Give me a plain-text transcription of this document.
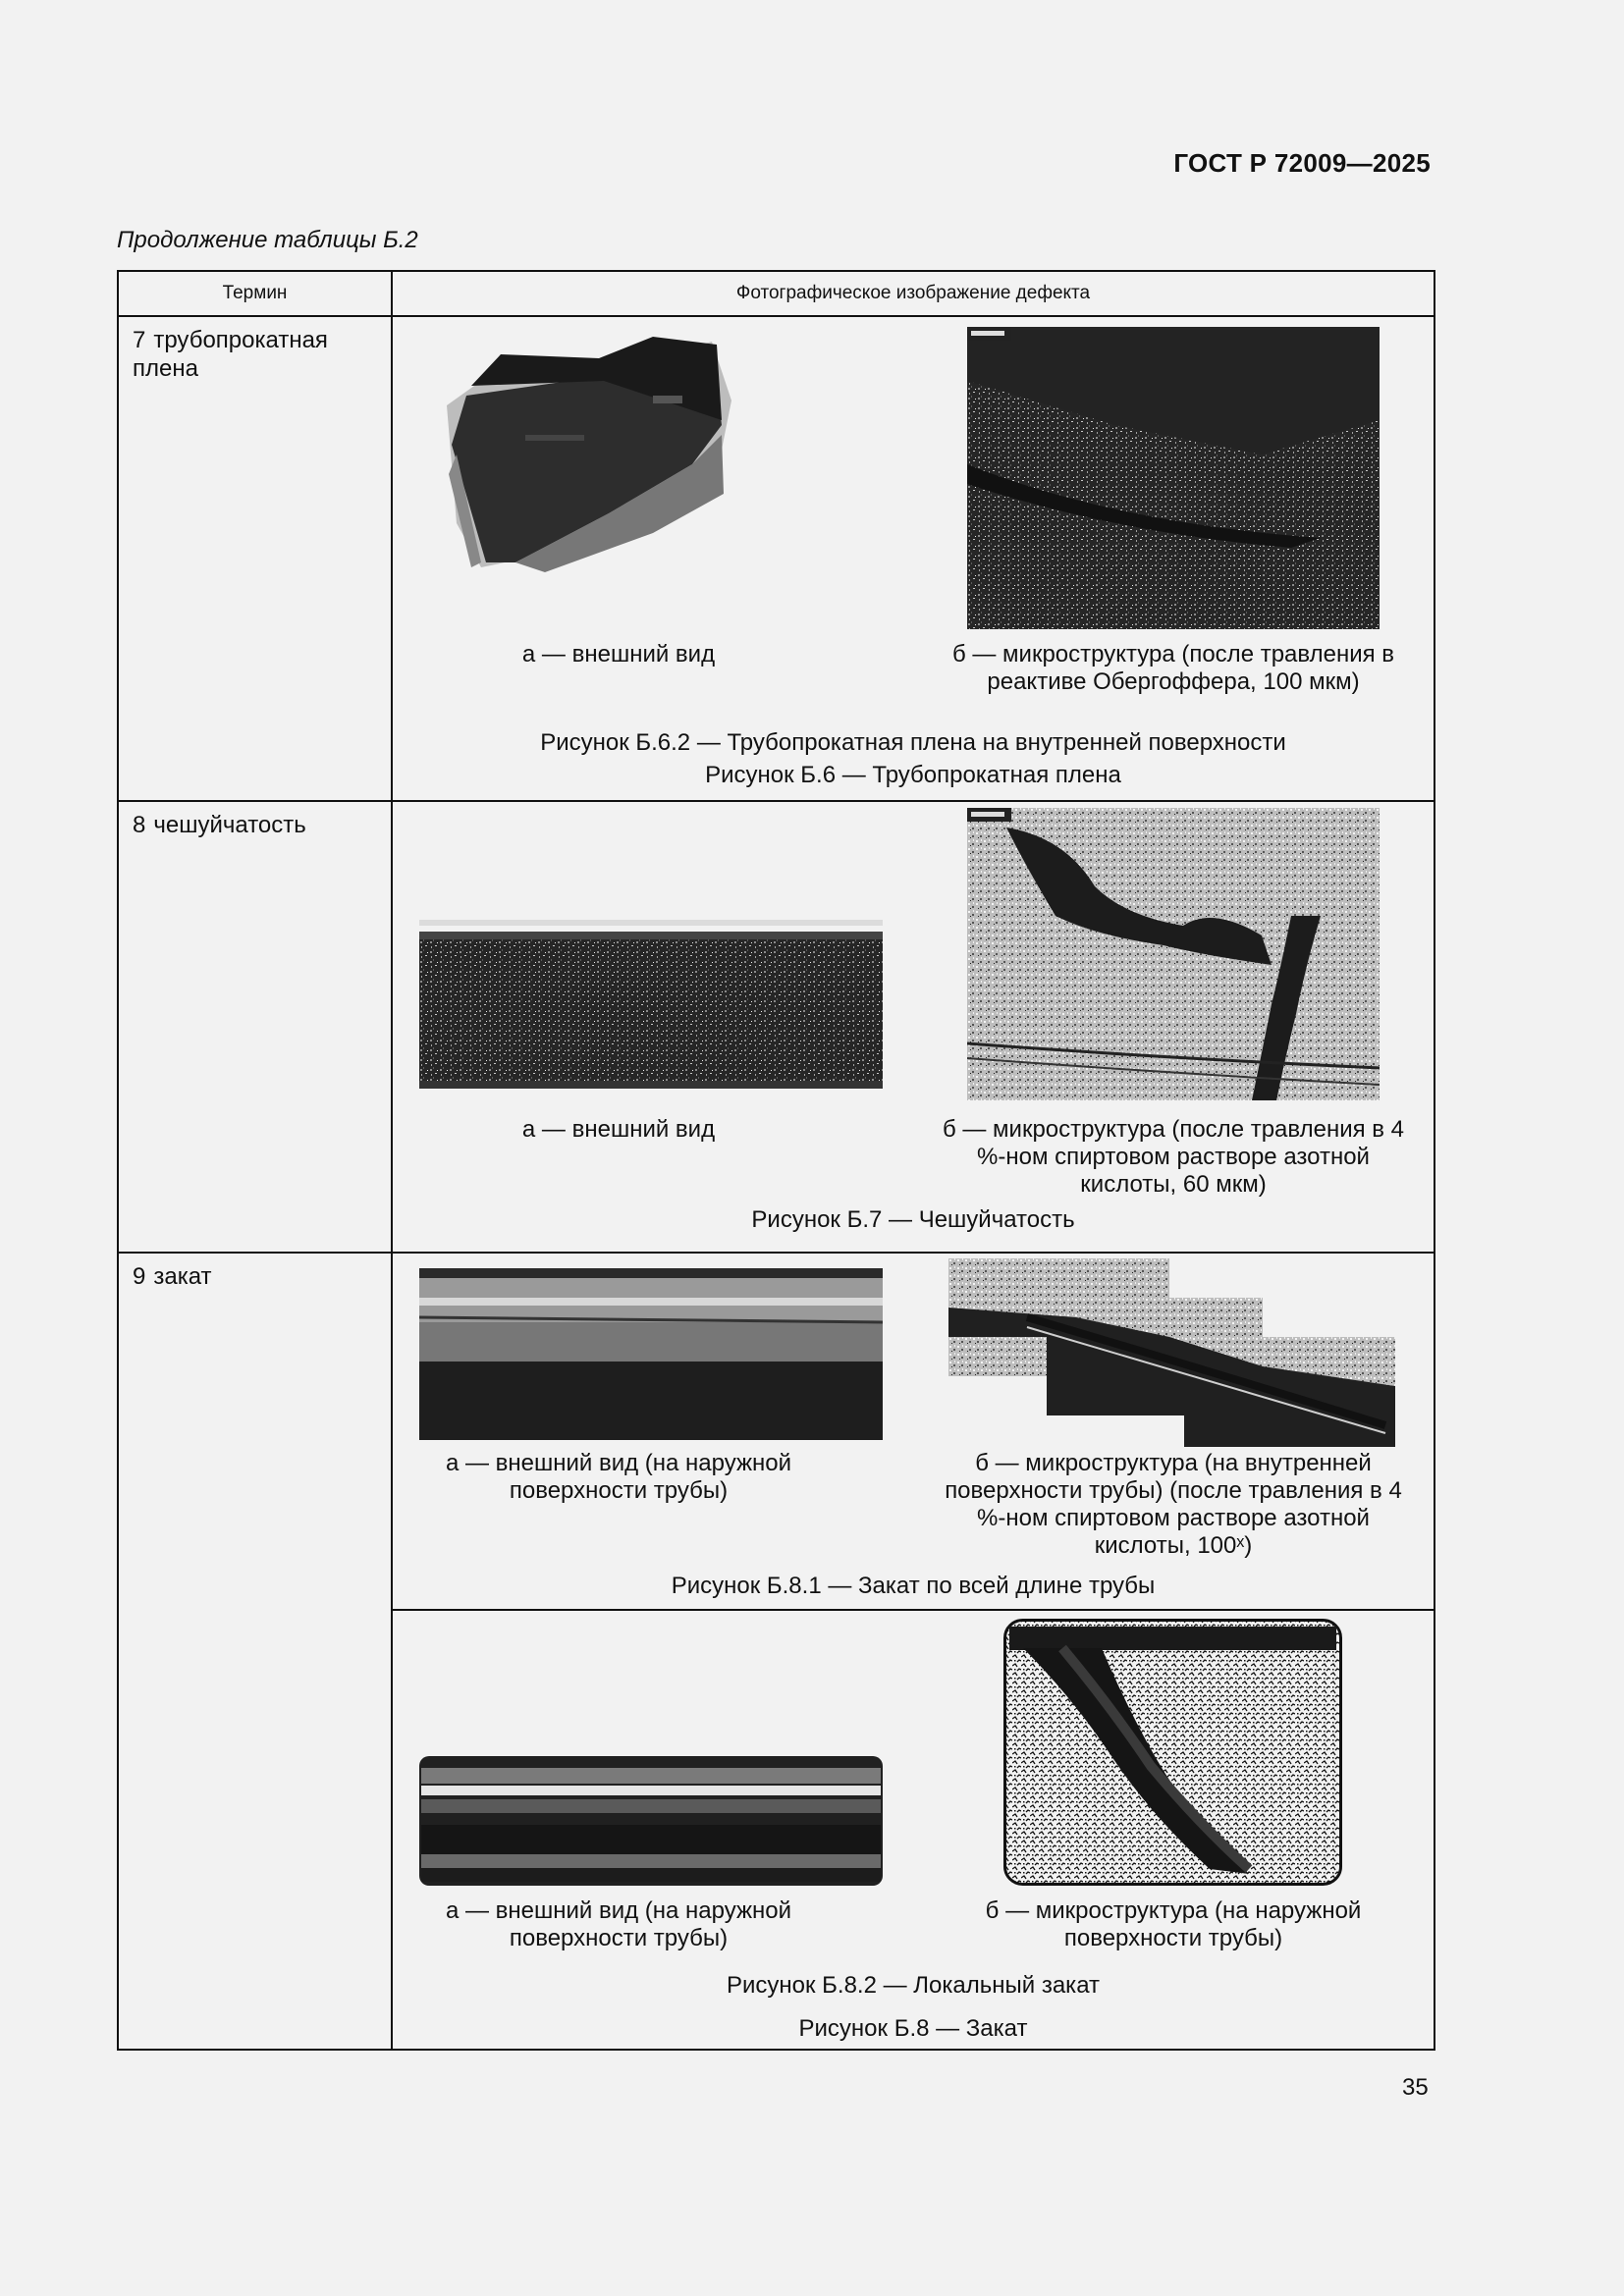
ГОСТ Р 72009—2025
Продолжение таблицы Б.2
Термин	Фотографическое изображение дефекта
7 трубопрокатная плена	а — внешний вид б — микроструктура (после травления в реактиве Обергоффера, 100 мкм)
Рисунок Б.6.2 — Трубопрокатная плена на внутренней поверхности
Рисунок Б.6 — Трубопрокатная плена

8 чешуйчатость	а — внешний вид б — микроструктура (после травления в 4 %-ном спиртовом растворе азотной кислоты, 60 мкм)
Рисунок Б.7 — Чешуйчатость

9 закат	а — внешний вид (на наружной поверхности трубы)
б — микроструктура (на внутренней поверхности трубы) (после травления в 4 %-ном спиртовом растворе азотной кислоты, 100ˣ)
Рисунок Б.8.1 — Закат по всей длине трубы

	а — внешний вид (на наружной поверхности трубы)
б — микроструктура (на наружной поверхности трубы)
Рисунок Б.8.2 — Локальный закат
Рисунок Б.8 — Закат
35
